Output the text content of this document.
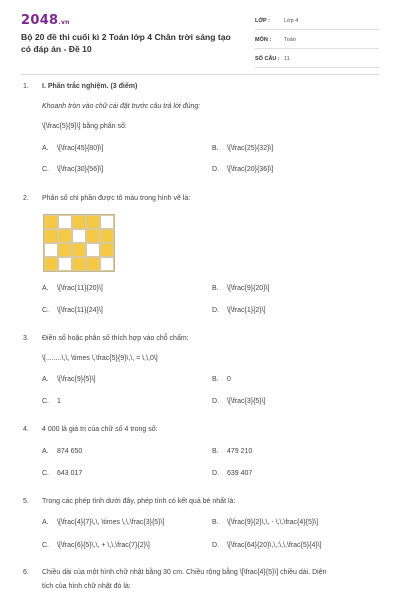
2048.vn
Bộ 20 đề thi cuối kì 2 Toán lớp 4 Chân trời sáng tạo có đáp án - Đề 10
LỚP :	Lớp 4
MÔN : Toán
SỐ CÂU : 11
1. I. Phần trắc nghiệm. (3 điểm)
Khoanh tròn vào chữ cái đặt trước câu trả lời đúng:
\[\frac{5}{9}\] bằng phân số:
A. \[\frac{45}{80}\]	B. \[\frac{25}{32}\]
C. \[\frac{30}{56}\]	D. \[\frac{20}{36}\]
2. Phân số chỉ phần được tô màu trong hình vẽ là:
A. \[\frac{11}{20}\]	B. \[\frac{9}{20}\]
C. \[\frac{11}{24}\]	D. \[\frac{1}{2}\]
3. Điền số hoặc phân số thích hợp vào chỗ chấm:
\[........\,\, \times \,\frac{5}{9}\,\, = \,\,0\]
A. \[\frac{9}{5}\]	B. 0
C. 1	D. \[\frac{3}{5}\]
4. 4 000 là giá trị của chữ số 4 trong số:
A. 874 650	B. 479 210
C. 643 017	D. 639 407
5. Trong các phép tính dưới đây, phép tính có kết quả bé nhất là:
A. \[\frac{4}{7}\,\, \times \,\,\frac{3}{5}\]	B. \[\frac{9}{2}\,\, - \,\,\frac{4}{5}\]
C. \[\frac{6}{5}\,\, + \,\,\frac{7}{2}\]	D. \[\frac{64}{20}\,\,:\,\,\frac{5}{4}\]
6. Chiều dài của một hình chữ nhật bằng 30 cm. Chiều rộng bằng \[\frac{4}{5}\] chiều dài. Diện
tích của hình chữ nhật đó là:
